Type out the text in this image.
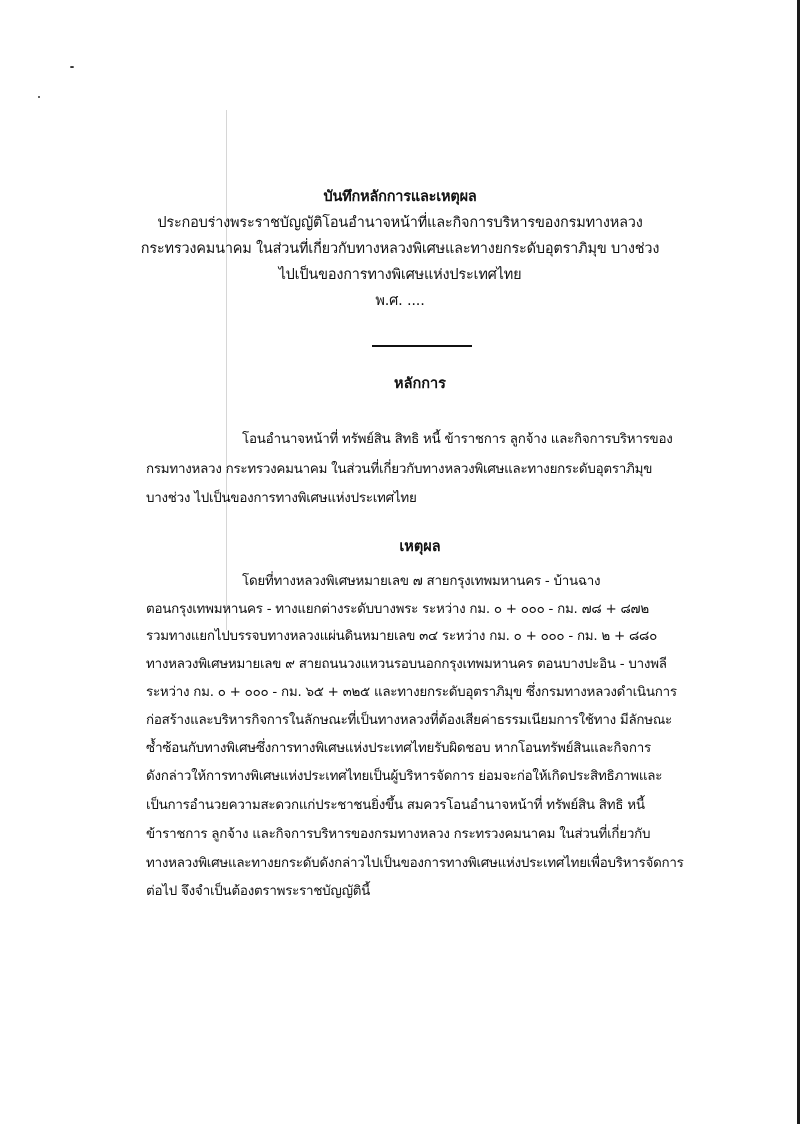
บันทึกหลักการและเหตุผล
ประกอบร่างพระราชบัญญัติโอนอำนาจหน้าที่และกิจการบริหารของกรมทางหลวง
กระทรวงคมนาคม ในส่วนที่เกี่ยวกับทางหลวงพิเศษและทางยกระดับอุตราภิมุข บางช่วง
ไปเป็นของการทางพิเศษแห่งประเทศไทย
พ.ศ. ....
หลักการ
โอนอำนาจหน้าที่ ทรัพย์สิน สิทธิ หนี้ ข้าราชการ ลูกจ้าง และกิจการบริหารของ
กรมทางหลวง กระทรวงคมนาคม ในส่วนที่เกี่ยวกับทางหลวงพิเศษและทางยกระดับอุตราภิมุข
บางช่วง ไปเป็นของการทางพิเศษแห่งประเทศไทย
เหตุผล
โดยที่ทางหลวงพิเศษหมายเลข ๗ สายกรุงเทพมหานคร - บ้านฉาง
ตอนกรุงเทพมหานคร - ทางแยกต่างระดับบางพระ ระหว่าง กม. ๐ + ๐๐๐ - กม. ๗๘ + ๘๗๒
รวมทางแยกไปบรรจบทางหลวงแผ่นดินหมายเลข ๓๔ ระหว่าง กม. ๐ + ๐๐๐ - กม. ๒ + ๘๘๐
ทางหลวงพิเศษหมายเลข ๙ สายถนนวงแหวนรอบนอกกรุงเทพมหานคร ตอนบางปะอิน - บางพลี
ระหว่าง กม. ๐ + ๐๐๐ - กม. ๖๕ + ๓๒๕ และทางยกระดับอุตราภิมุข ซึ่งกรมทางหลวงดำเนินการ
ก่อสร้างและบริหารกิจการในลักษณะที่เป็นทางหลวงที่ต้องเสียค่าธรรมเนียมการใช้ทาง มีลักษณะ
ซ้ำซ้อนกับทางพิเศษซึ่งการทางพิเศษแห่งประเทศไทยรับผิดชอบ หากโอนทรัพย์สินและกิจการ
ดังกล่าวให้การทางพิเศษแห่งประเทศไทยเป็นผู้บริหารจัดการ ย่อมจะก่อให้เกิดประสิทธิภาพและ
เป็นการอำนวยความสะดวกแก่ประชาชนยิ่งขึ้น สมควรโอนอำนาจหน้าที่ ทรัพย์สิน สิทธิ หนี้
ข้าราชการ ลูกจ้าง และกิจการบริหารของกรมทางหลวง กระทรวงคมนาคม ในส่วนที่เกี่ยวกับ
ทางหลวงพิเศษและทางยกระดับดังกล่าวไปเป็นของการทางพิเศษแห่งประเทศไทยเพื่อบริหารจัดการ
ต่อไป จึงจำเป็นต้องตราพระราชบัญญัตินี้
